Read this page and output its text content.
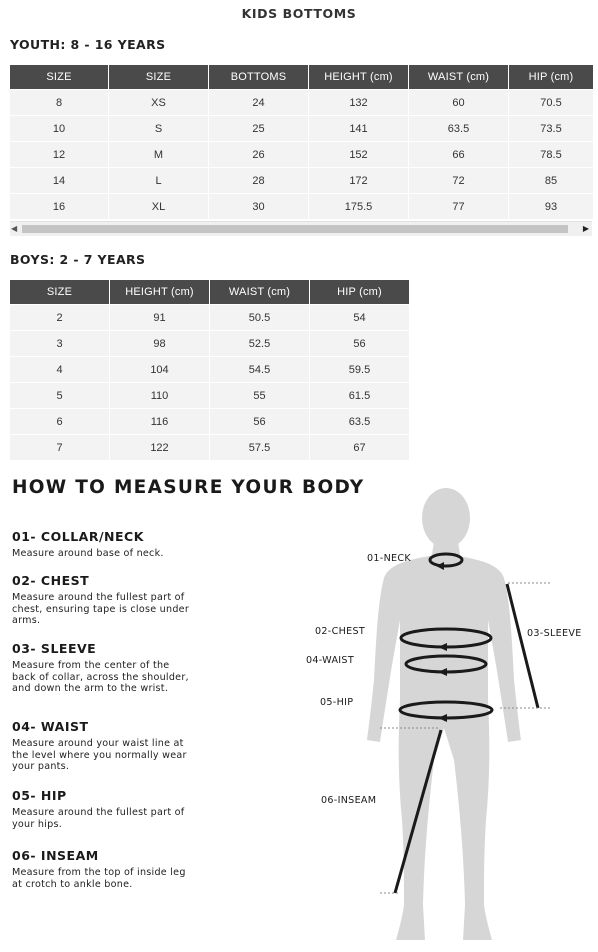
KIDS BOTTOMS
YOUTH: 8 - 16 YEARS
SIZE	SIZE	BOTTOMS	HEIGHT (cm)	WAIST (cm)	HIP (cm)
8	XS	24	132	60	70.5
10	S	25	141	63.5	73.5
12	M	26	152	66	78.5
14	L	28	172	72	85
16	XL	30	175.5	77	93
◀	▶
BOYS: 2 - 7 YEARS
SIZE	HEIGHT (cm)	WAIST (cm)	HIP (cm)
2	91	50.5	54
3	98	52.5	56
4	104	54.5	59.5
5	110	55	61.5
6	116	56	63.5
7	122	57.5	67
HOW TO MEASURE YOUR BODY
01- COLLAR/NECK

Measure around base of neck.

02- CHEST

Measure around the fullest part of chest, ensuring tape is close under arms.

03- SLEEVE

Measure from the center of the back of collar, across the shoulder, and down the arm to the wrist.

04- WAIST

Measure around your waist line at the level where you normally wear your pants.

05- HIP

Measure around the fullest part of your hips.

06- INSEAM

Measure from the top of inside leg at crotch to ankle bone.

01-NECK
02-CHEST	03-SLEEVE
04-WAIST
05-HIP
06-INSEAM
